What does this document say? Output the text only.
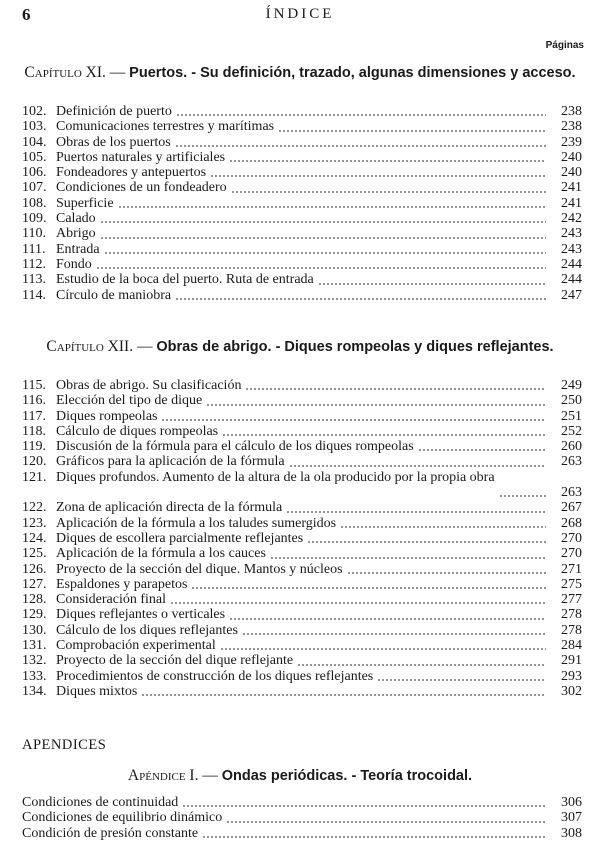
6	ÍNDICE
Páginas
Capítulo XI. — Puertos. - Su definición, trazado, algunas dimensiones y acceso.
102. Definición de puerto	238
103. Comunicaciones terrestres y marítimas	238
104. Obras de los puertos	239
105. Puertos naturales y artificiales	240
106. Fondeadores y antepuertos	240
107. Condiciones de un fondeadero	241
108. Superficie	241
109. Calado	242
110. Abrigo	243
111. Entrada	243
112. Fondo	244
113. Estudio de la boca del puerto. Ruta de entrada	244
114. Círculo de maniobra	247
Capítulo XII. — Obras de abrigo. - Diques rompeolas y diques reflejantes.
115. Obras de abrigo. Su clasificación	249
116. Elección del tipo de dique	250
117. Diques rompeolas	251
118. Cálculo de diques rompeolas	252
119. Discusión de la fórmula para el cálculo de los diques rompeolas	260
120. Gráficos para la aplicación de la fórmula	263
121. Diques profundos. Aumento de la altura de la ola producido por la propia obra
263
122. Zona de aplicación directa de la fórmula	267
123. Aplicación de la fórmula a los taludes sumergidos	268
124. Diques de escollera parcialmente reflejantes	270
125. Aplicación de la fórmula a los cauces	270
126. Proyecto de la sección del dique. Mantos y núcleos	271
127. Espaldones y parapetos	275
128. Consideración final	277
129. Diques reflejantes o verticales	278
130. Cálculo de los diques reflejantes	278
131. Comprobación experimental	284
132. Proyecto de la sección del dique reflejante	291
133. Procedimientos de construcción de los diques reflejantes	293
134. Diques mixtos	302
APENDICES
Apéndice I. — Ondas periódicas. - Teoría trocoidal.
Condiciones de continuidad	306
Condiciones de equilibrio dinámico	307
Condición de presión constante	308
